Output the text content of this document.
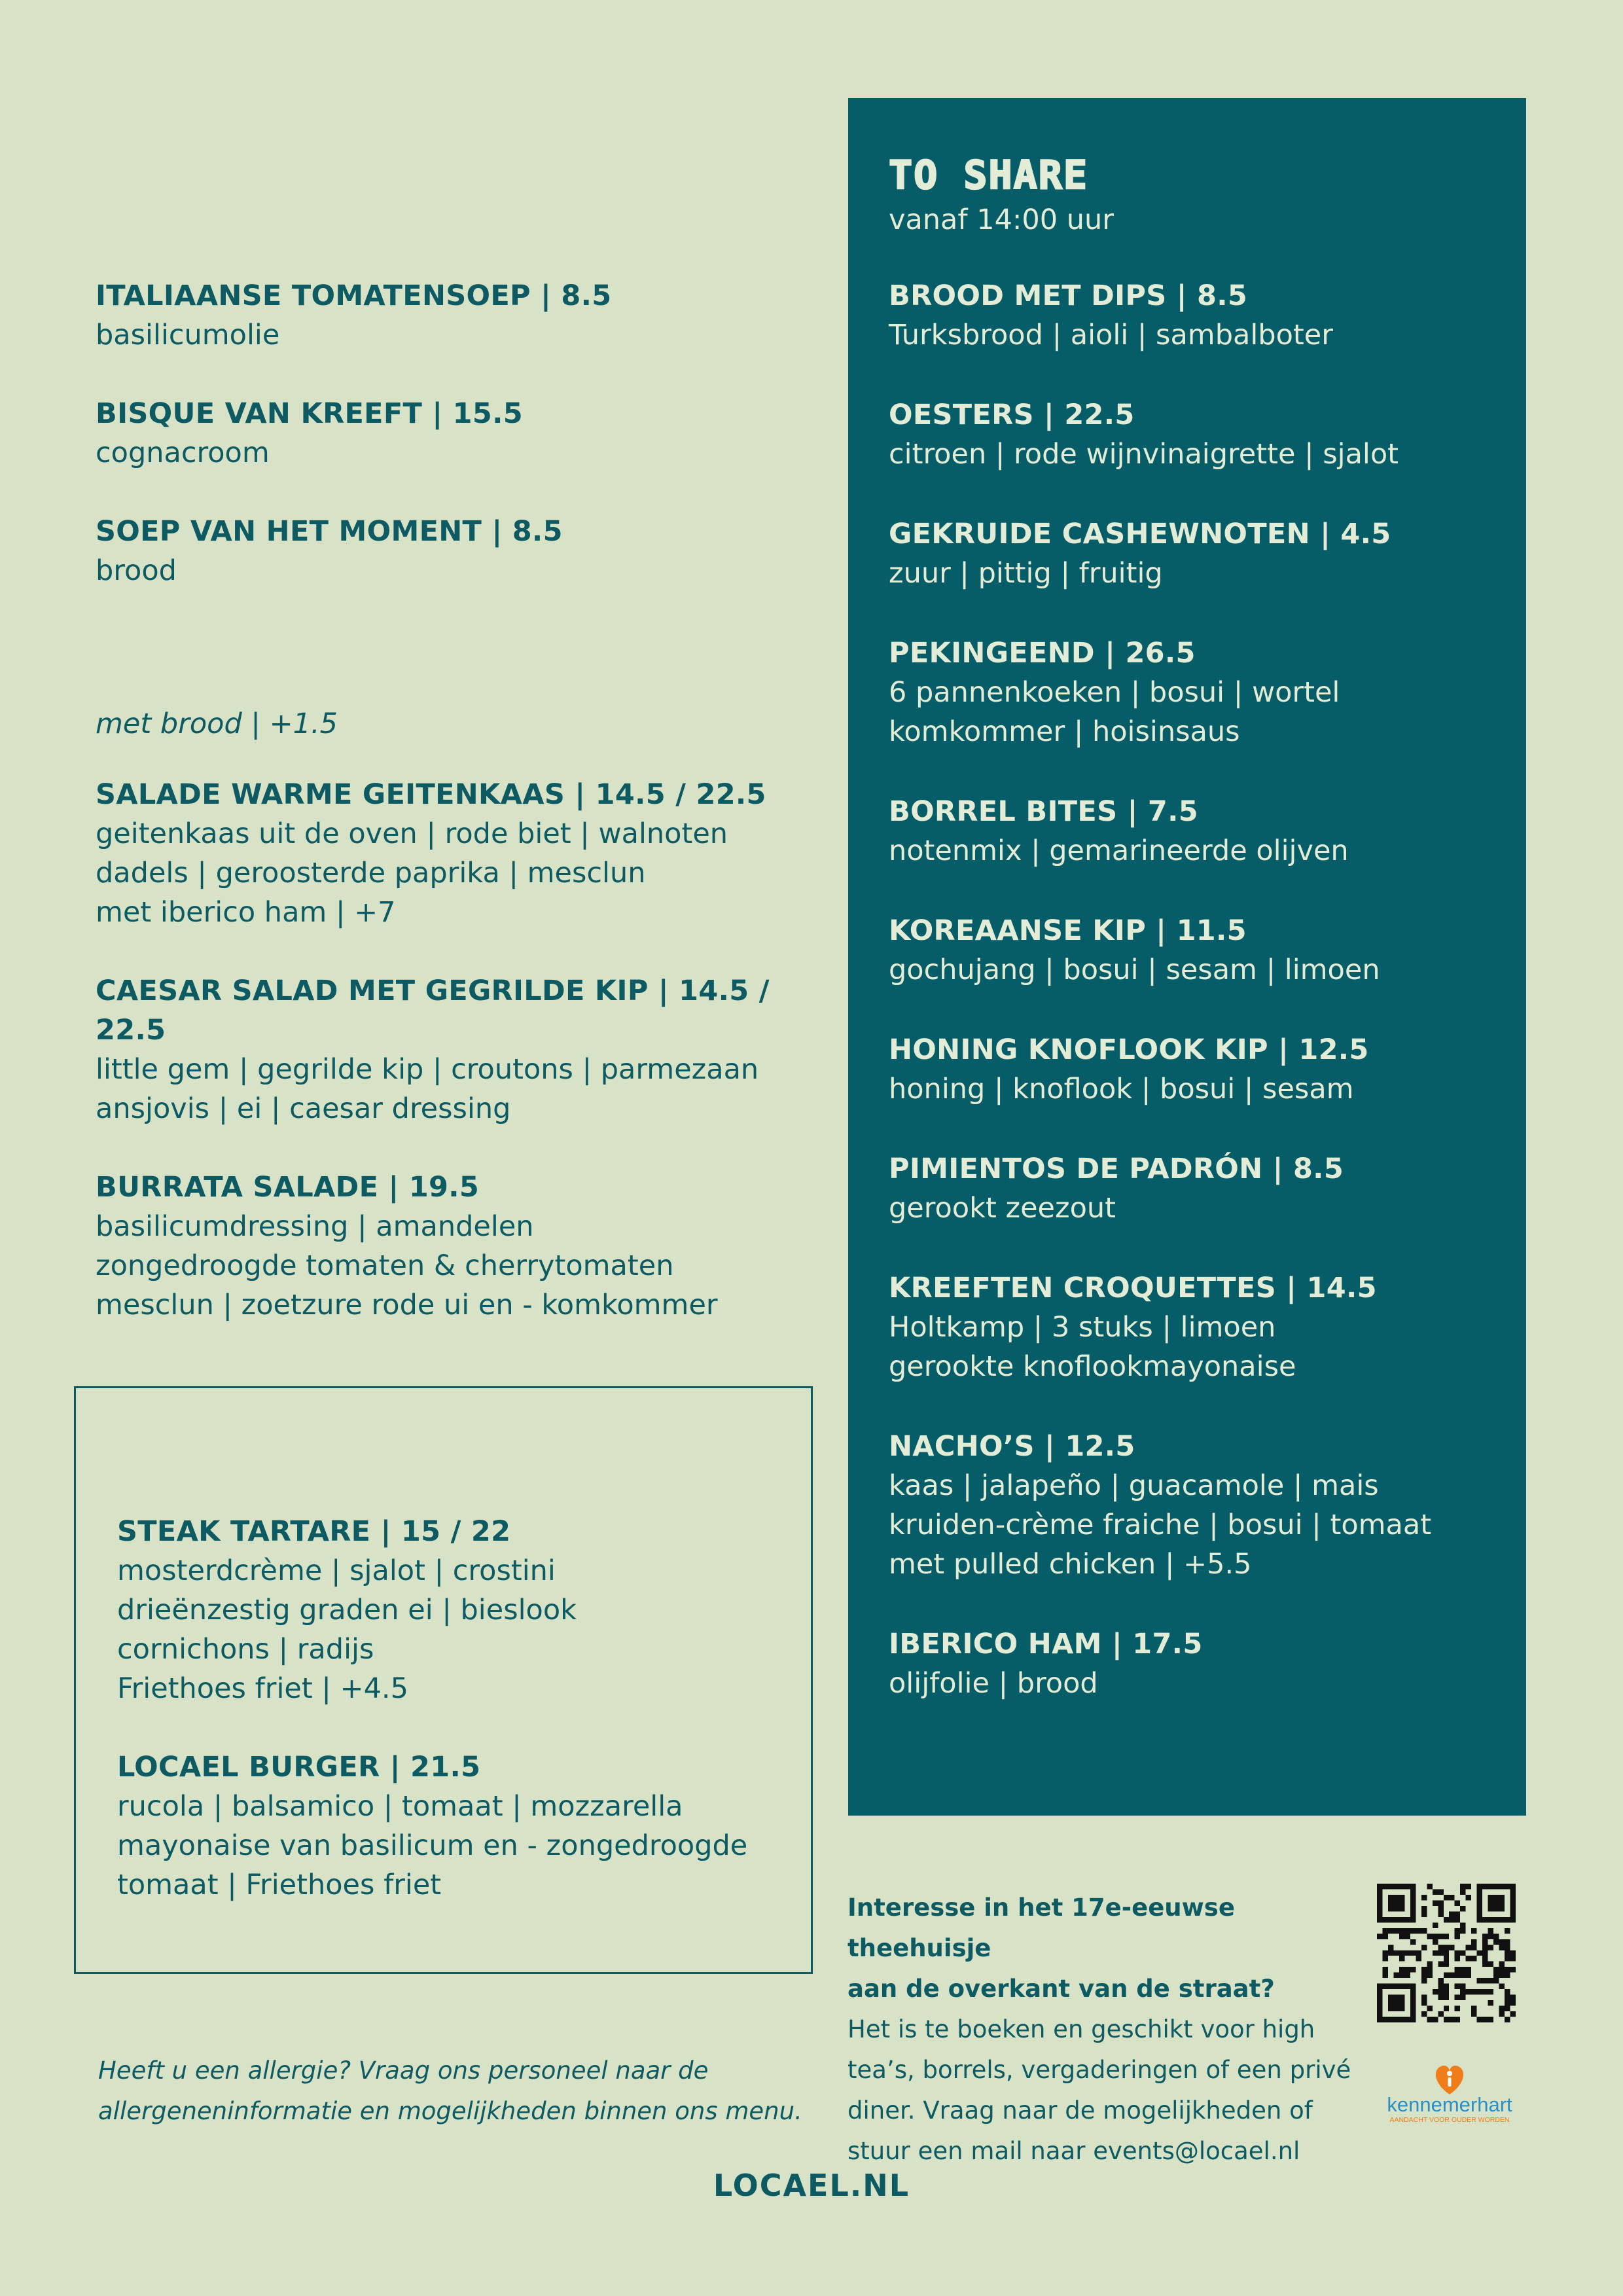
SOEP
ITALIAANSE TOMATENSOEP | 8.5
basilicumolie
BISQUE VAN KREEFT | 15.5
cognacroom
SOEP VAN HET MOMENT | 8.5
brood
SALADE
met brood | +1.5
SALADE WARME GEITENKAAS | 14.5 / 22.5
geitenkaas uit de oven | rode biet | walnoten
dadels | geroosterde paprika | mesclun
met iberico ham | +7
CAESAR SALAD MET GEGRILDE KIP | 14.5 / 22.5
little gem | gegrilde kip | croutons | parmezaan
ansjovis | ei | caesar dressing
BURRATA SALADE | 19.5
basilicumdressing | amandelen
zongedroogde tomaten & cherrytomaten
mesclun | zoetzure rode ui en - komkommer
ALL DAY
STEAK TARTARE | 15 / 22
mosterdcrème | sjalot | crostini
drieënzestig graden ei | bieslook
cornichons | radijs
Friethoes friet | +4.5
LOCAEL BURGER | 21.5
rucola | balsamico | tomaat | mozzarella
mayonaise van basilicum en - zongedroogde
tomaat | Friethoes friet
TO SHARE
vanaf 14:00 uur
BROOD MET DIPS | 8.5
Turksbrood | aioli | sambalboter
OESTERS | 22.5
citroen | rode wijnvinaigrette | sjalot
GEKRUIDE CASHEWNOTEN | 4.5
zuur | pittig | fruitig
PEKINGEEND | 26.5
6 pannenkoeken | bosui | wortel
komkommer | hoisinsaus
BORREL BITES | 7.5
notenmix | gemarineerde olijven
KOREAANSE KIP | 11.5
gochujang | bosui | sesam | limoen
HONING KNOFLOOK KIP | 12.5
honing | knoflook | bosui | sesam
PIMIENTOS DE PADRÓN | 8.5
gerookt zeezout
KREEFTEN CROQUETTES | 14.5
Holtkamp | 3 stuks | limoen
gerookte knoflookmayonaise
NACHO’S | 12.5
kaas | jalapeño | guacamole | mais
kruiden-crème fraiche | bosui | tomaat
met pulled chicken | +5.5
IBERICO HAM | 17.5
olijfolie | brood
Heeft u een allergie? Vraag ons personeel naar de
allergeneninformatie en mogelijkheden binnen ons menu.
Interesse in het 17e-eeuwse theehuisje
aan de overkant van de straat?
Het is te boeken en geschikt voor high
tea’s, borrels, vergaderingen of een privé
diner. Vraag naar de mogelijkheden of
stuur een mail naar events@locael.nl
kennemerhart
AANDACHT VOOR OUDER WORDEN
LOCAEL.NL
